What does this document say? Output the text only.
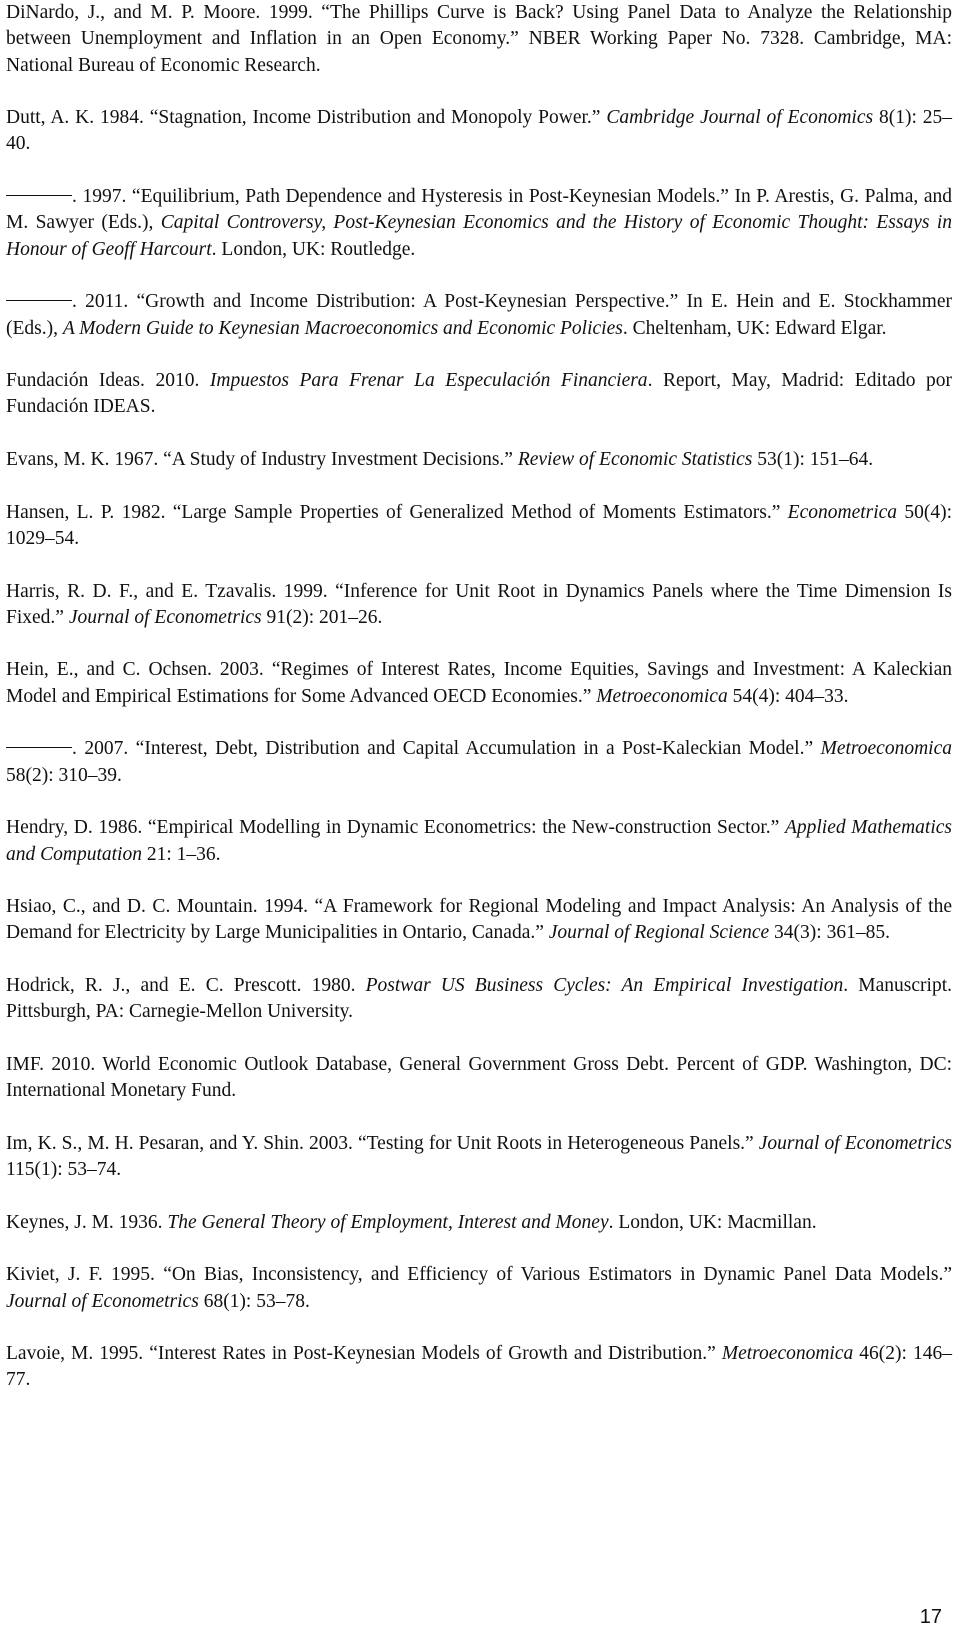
DiNardo, J., and M. P. Moore. 1999. “The Phillips Curve is Back? Using Panel Data to Analyze the Relationship between Unemployment and Inflation in an Open Economy.” NBER Working Paper No. 7328. Cambridge, MA: National Bureau of Economic Research.

Dutt, A. K. 1984. “Stagnation, Income Distribution and Monopoly Power.” Cambridge Journal of Economics 8(1): 25–40.

. 1997. “Equilibrium, Path Dependence and Hysteresis in Post-Keynesian Models.” In P. Arestis, G. Palma, and M. Sawyer (Eds.), Capital Controversy, Post-Keynesian Economics and the History of Economic Thought: Essays in Honour of Geoff Harcourt. London, UK: Routledge.

. 2011. “Growth and Income Distribution: A Post-Keynesian Perspective.” In E. Hein and E. Stockhammer (Eds.), A Modern Guide to Keynesian Macroeconomics and Economic Policies. Cheltenham, UK: Edward Elgar.

Fundación Ideas. 2010. Impuestos Para Frenar La Especulación Financiera. Report, May, Madrid: Editado por Fundación IDEAS.

Evans, M. K. 1967. “A Study of Industry Investment Decisions.” Review of Economic Statistics 53(1): 151–64.

Hansen, L. P. 1982. “Large Sample Properties of Generalized Method of Moments Estimators.” Econometrica 50(4): 1029–54.

Harris, R. D. F., and E. Tzavalis. 1999. “Inference for Unit Root in Dynamics Panels where the Time Dimension Is Fixed.” Journal of Econometrics 91(2): 201–26.

Hein, E., and C. Ochsen. 2003. “Regimes of Interest Rates, Income Equities, Savings and Investment: A Kaleckian Model and Empirical Estimations for Some Advanced OECD Economies.” Metroeconomica 54(4): 404–33.

. 2007. “Interest, Debt, Distribution and Capital Accumulation in a Post-Kaleckian Model.” Metroeconomica 58(2): 310–39.

Hendry, D. 1986. “Empirical Modelling in Dynamic Econometrics: the New-construction Sector.” Applied Mathematics and Computation 21: 1–36.

Hsiao, C., and D. C. Mountain. 1994. “A Framework for Regional Modeling and Impact Analysis: An Analysis of the Demand for Electricity by Large Municipalities in Ontario, Canada.” Journal of Regional Science 34(3): 361–85.

Hodrick, R. J., and E. C. Prescott. 1980. Postwar US Business Cycles: An Empirical Investigation. Manuscript. Pittsburgh, PA: Carnegie-Mellon University.

IMF. 2010. World Economic Outlook Database, General Government Gross Debt. Percent of GDP. Washington, DC: International Monetary Fund.

Im, K. S., M. H. Pesaran, and Y. Shin. 2003. “Testing for Unit Roots in Heterogeneous Panels.” Journal of Econometrics 115(1): 53–74.

Keynes, J. M. 1936. The General Theory of Employment, Interest and Money. London, UK: Macmillan.

Kiviet, J. F. 1995. “On Bias, Inconsistency, and Efficiency of Various Estimators in Dynamic Panel Data Models.” Journal of Econometrics 68(1): 53–78.

Lavoie, M. 1995. “Interest Rates in Post-Keynesian Models of Growth and Distribution.” Metroeconomica 46(2): 146–77.

17
